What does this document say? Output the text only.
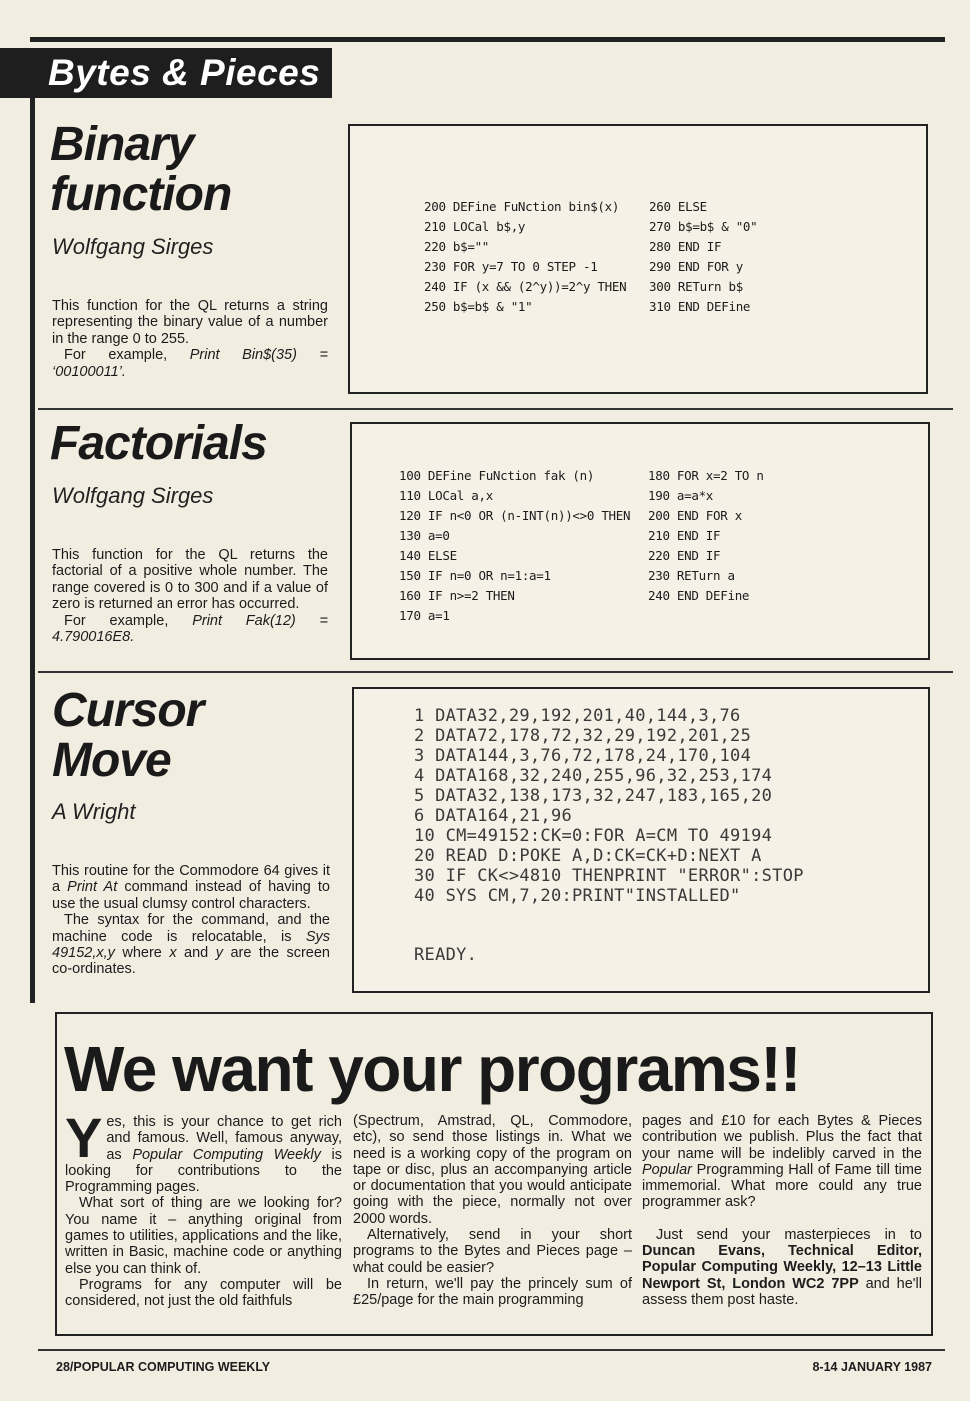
Bytes & Pieces
Binary
function
Wolfgang Sirges

This function for the QL returns a string representing the binary value of a number in the range 0 to 255.

For example, Print Bin$(35) = ‘00100011’.

200 DEFine FuNction bin$(x)
210 LOCal b$,y
220 b$=""
230 FOR y=7 TO 0 STEP -1
240 IF (x && (2^y))=2^y THEN
250 b$=b$ & "1"
260 ELSE
270 b$=b$ & "0"
280 END IF
290 END FOR y
300 RETurn b$
310 END DEFine
Factorials
Wolfgang Sirges

This function for the QL returns the factorial of a positive whole number. The range covered is 0 to 300 and if a value of zero is returned an error has occurred.

For example, Print Fak(12) = 4.790016E8.

100 DEFine FuNction fak (n)
110 LOCal a,x
120 IF n<0 OR (n-INT(n))<>0 THEN
130 a=0
140 ELSE
150 IF n=0 OR n=1:a=1
160 IF n>=2 THEN
170 a=1
180 FOR x=2 TO n
190 a=a*x
200 END FOR x
210 END IF
220 END IF
230 RETurn a
240 END DEFine
Cursor
Move
A Wright

This routine for the Commodore 64 gives it a Print At command instead of having to use the usual clumsy control characters.

The syntax for the command, and the machine code is relocatable, is Sys 49152,x,y where x and y are the screen co-ordinates.

1 DATA32,29,192,201,40,144,3,76
2 DATA72,178,72,32,29,192,201,25
3 DATA144,3,76,72,178,24,170,104
4 DATA168,32,240,255,96,32,253,174
5 DATA32,138,173,32,247,183,165,20
6 DATA164,21,96
10 CM=49152:CK=0:FOR A=CM TO 49194
20 READ D:POKE A,D:CK=CK+D:NEXT A
30 IF CK<>4810 THENPRINT "ERROR":STOP
40 SYS CM,7,20:PRINT"INSTALLED"
READY.
We want your programs!!

Yes, this is your chance to get rich and famous. Well, famous anyway, as Popular Computing Weekly is looking for contributions to the Programming pages.

What sort of thing are we looking for? You name it – anything original from games to utilities, applications and the like, written in Basic, machine code or anything else you can think of.

Programs for any computer will be considered, not just the old faithfuls

(Spectrum, Amstrad, QL, Commodore, etc), so send those listings in. What we need is a working copy of the program on tape or disc, plus an accompanying article or documentation that you would anticipate going with the piece, normally not over 2000 words.

Alternatively, send in your short programs to the Bytes and Pieces page – what could be easier?

In return, we'll pay the princely sum of £25/page for the main programming

pages and £10 for each Bytes & Pieces contribution we publish. Plus the fact that your name will be indelibly carved in the Popular Programming Hall of Fame till time immemorial. What more could any true programmer ask?

Just send your masterpieces in to Duncan Evans, Technical Editor, Popular Computing Weekly, 12–13 Little Newport St, London WC2 7PP and he'll assess them post haste.

28/POPULAR COMPUTING WEEKLY	8-14 JANUARY 1987
